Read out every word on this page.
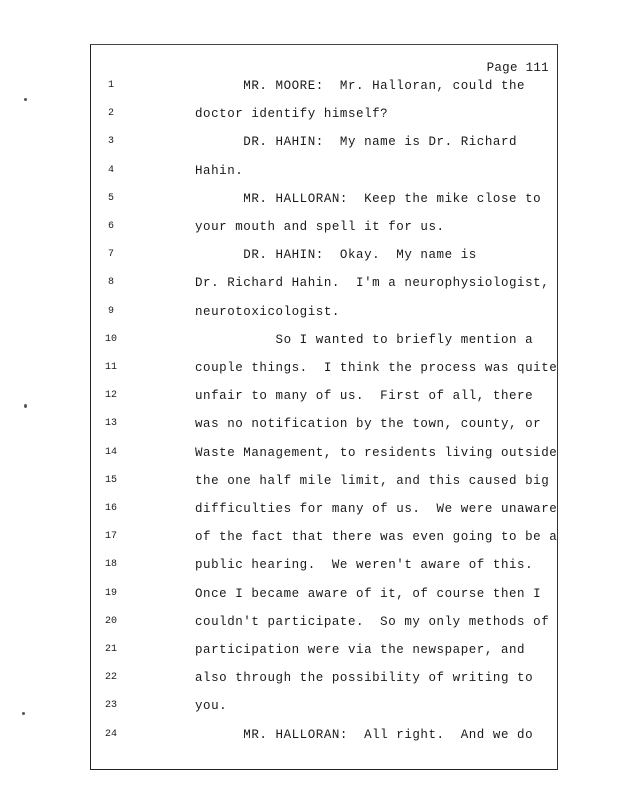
Page 111
1	MR. MOORE:  Mr. Halloran, could the
2	doctor identify himself?
3	DR. HAHIN:  My name is Dr. Richard
4	Hahin.
5	MR. HALLORAN:  Keep the mike close to
6	your mouth and spell it for us.
7	DR. HAHIN:  Okay.  My name is
8	Dr. Richard Hahin.  I'm a neurophysiologist,
9	neurotoxicologist.
10	So I wanted to briefly mention a
11	couple things.  I think the process was quite
12	unfair to many of us.  First of all, there
13	was no notification by the town, county, or
14	Waste Management, to residents living outside
15	the one half mile limit, and this caused big
16	difficulties for many of us.  We were unaware
17	of the fact that there was even going to be a
18	public hearing.  We weren't aware of this.
19	Once I became aware of it, of course then I
20	couldn't participate.  So my only methods of
21	participation were via the newspaper, and
22	also through the possibility of writing to
23	you.
24	MR. HALLORAN:  All right.  And we do
